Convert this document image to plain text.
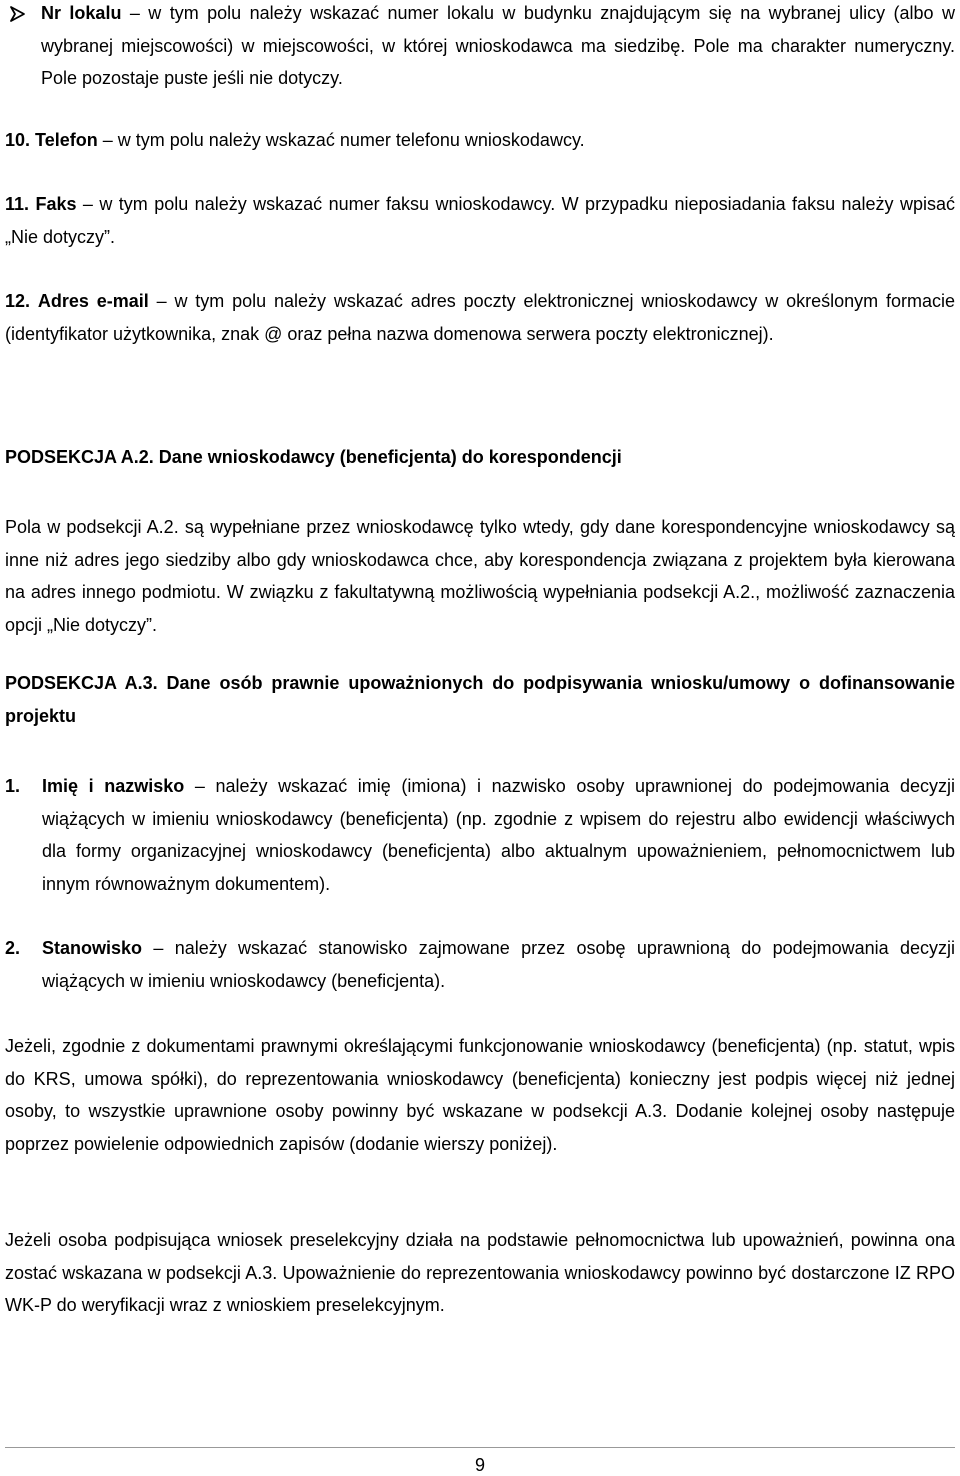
Nr lokalu – w tym polu należy wskazać numer lokalu w budynku znajdującym się na wybranej ulicy (albo w wybranej miejscowości) w miejscowości, w której wnioskodawca ma siedzibę. Pole ma charakter numeryczny. Pole pozostaje puste jeśli nie dotyczy.

10. Telefon – w tym polu należy wskazać numer telefonu wnioskodawcy.

11. Faks – w tym polu należy wskazać numer faksu wnioskodawcy. W przypadku nieposiadania faksu należy wpisać „Nie dotyczy”.

12. Adres e-mail – w tym polu należy wskazać adres poczty elektronicznej wnioskodawcy w określonym formacie (identyfikator użytkownika, znak @ oraz pełna nazwa domenowa serwera poczty elektronicznej).

PODSEKCJA A.2. Dane wnioskodawcy (beneficjenta) do korespondencji

Pola w podsekcji A.2. są wypełniane przez wnioskodawcę tylko wtedy, gdy dane korespondencyjne wnioskodawcy są inne niż adres jego siedziby albo gdy wnioskodawca chce, aby korespondencja związana z projektem była kierowana na adres innego podmiotu. W związku z fakultatywną możliwością wypełniania podsekcji A.2., możliwość zaznaczenia opcji „Nie dotyczy”.

PODSEKCJA A.3. Dane osób prawnie upoważnionych do podpisywania wniosku/umowy o dofinansowanie projektu

1. Imię i nazwisko – należy wskazać imię (imiona) i nazwisko osoby uprawnionej do podejmowania decyzji wiążących w imieniu wnioskodawcy (beneficjenta) (np. zgodnie z wpisem do rejestru albo ewidencji właściwych dla formy organizacyjnej wnioskodawcy (beneficjenta) albo aktualnym upoważnieniem, pełnomocnictwem lub innym równoważnym dokumentem).

2. Stanowisko – należy wskazać stanowisko zajmowane przez osobę uprawnioną do podejmowania decyzji wiążących w imieniu wnioskodawcy (beneficjenta).

Jeżeli, zgodnie z dokumentami prawnymi określającymi funkcjonowanie wnioskodawcy (beneficjenta) (np. statut, wpis do KRS, umowa spółki), do reprezentowania wnioskodawcy (beneficjenta) konieczny jest podpis więcej niż jednej osoby, to wszystkie uprawnione osoby powinny być wskazane w podsekcji A.3. Dodanie kolejnej osoby następuje poprzez powielenie odpowiednich zapisów (dodanie wierszy poniżej).

Jeżeli osoba podpisująca wniosek preselekcyjny działa na podstawie pełnomocnictwa lub upoważnień, powinna ona zostać wskazana w podsekcji A.3. Upoważnienie do reprezentowania wnioskodawcy powinno być dostarczone IZ RPO WK-P do weryfikacji wraz z wnioskiem preselekcyjnym.

9
